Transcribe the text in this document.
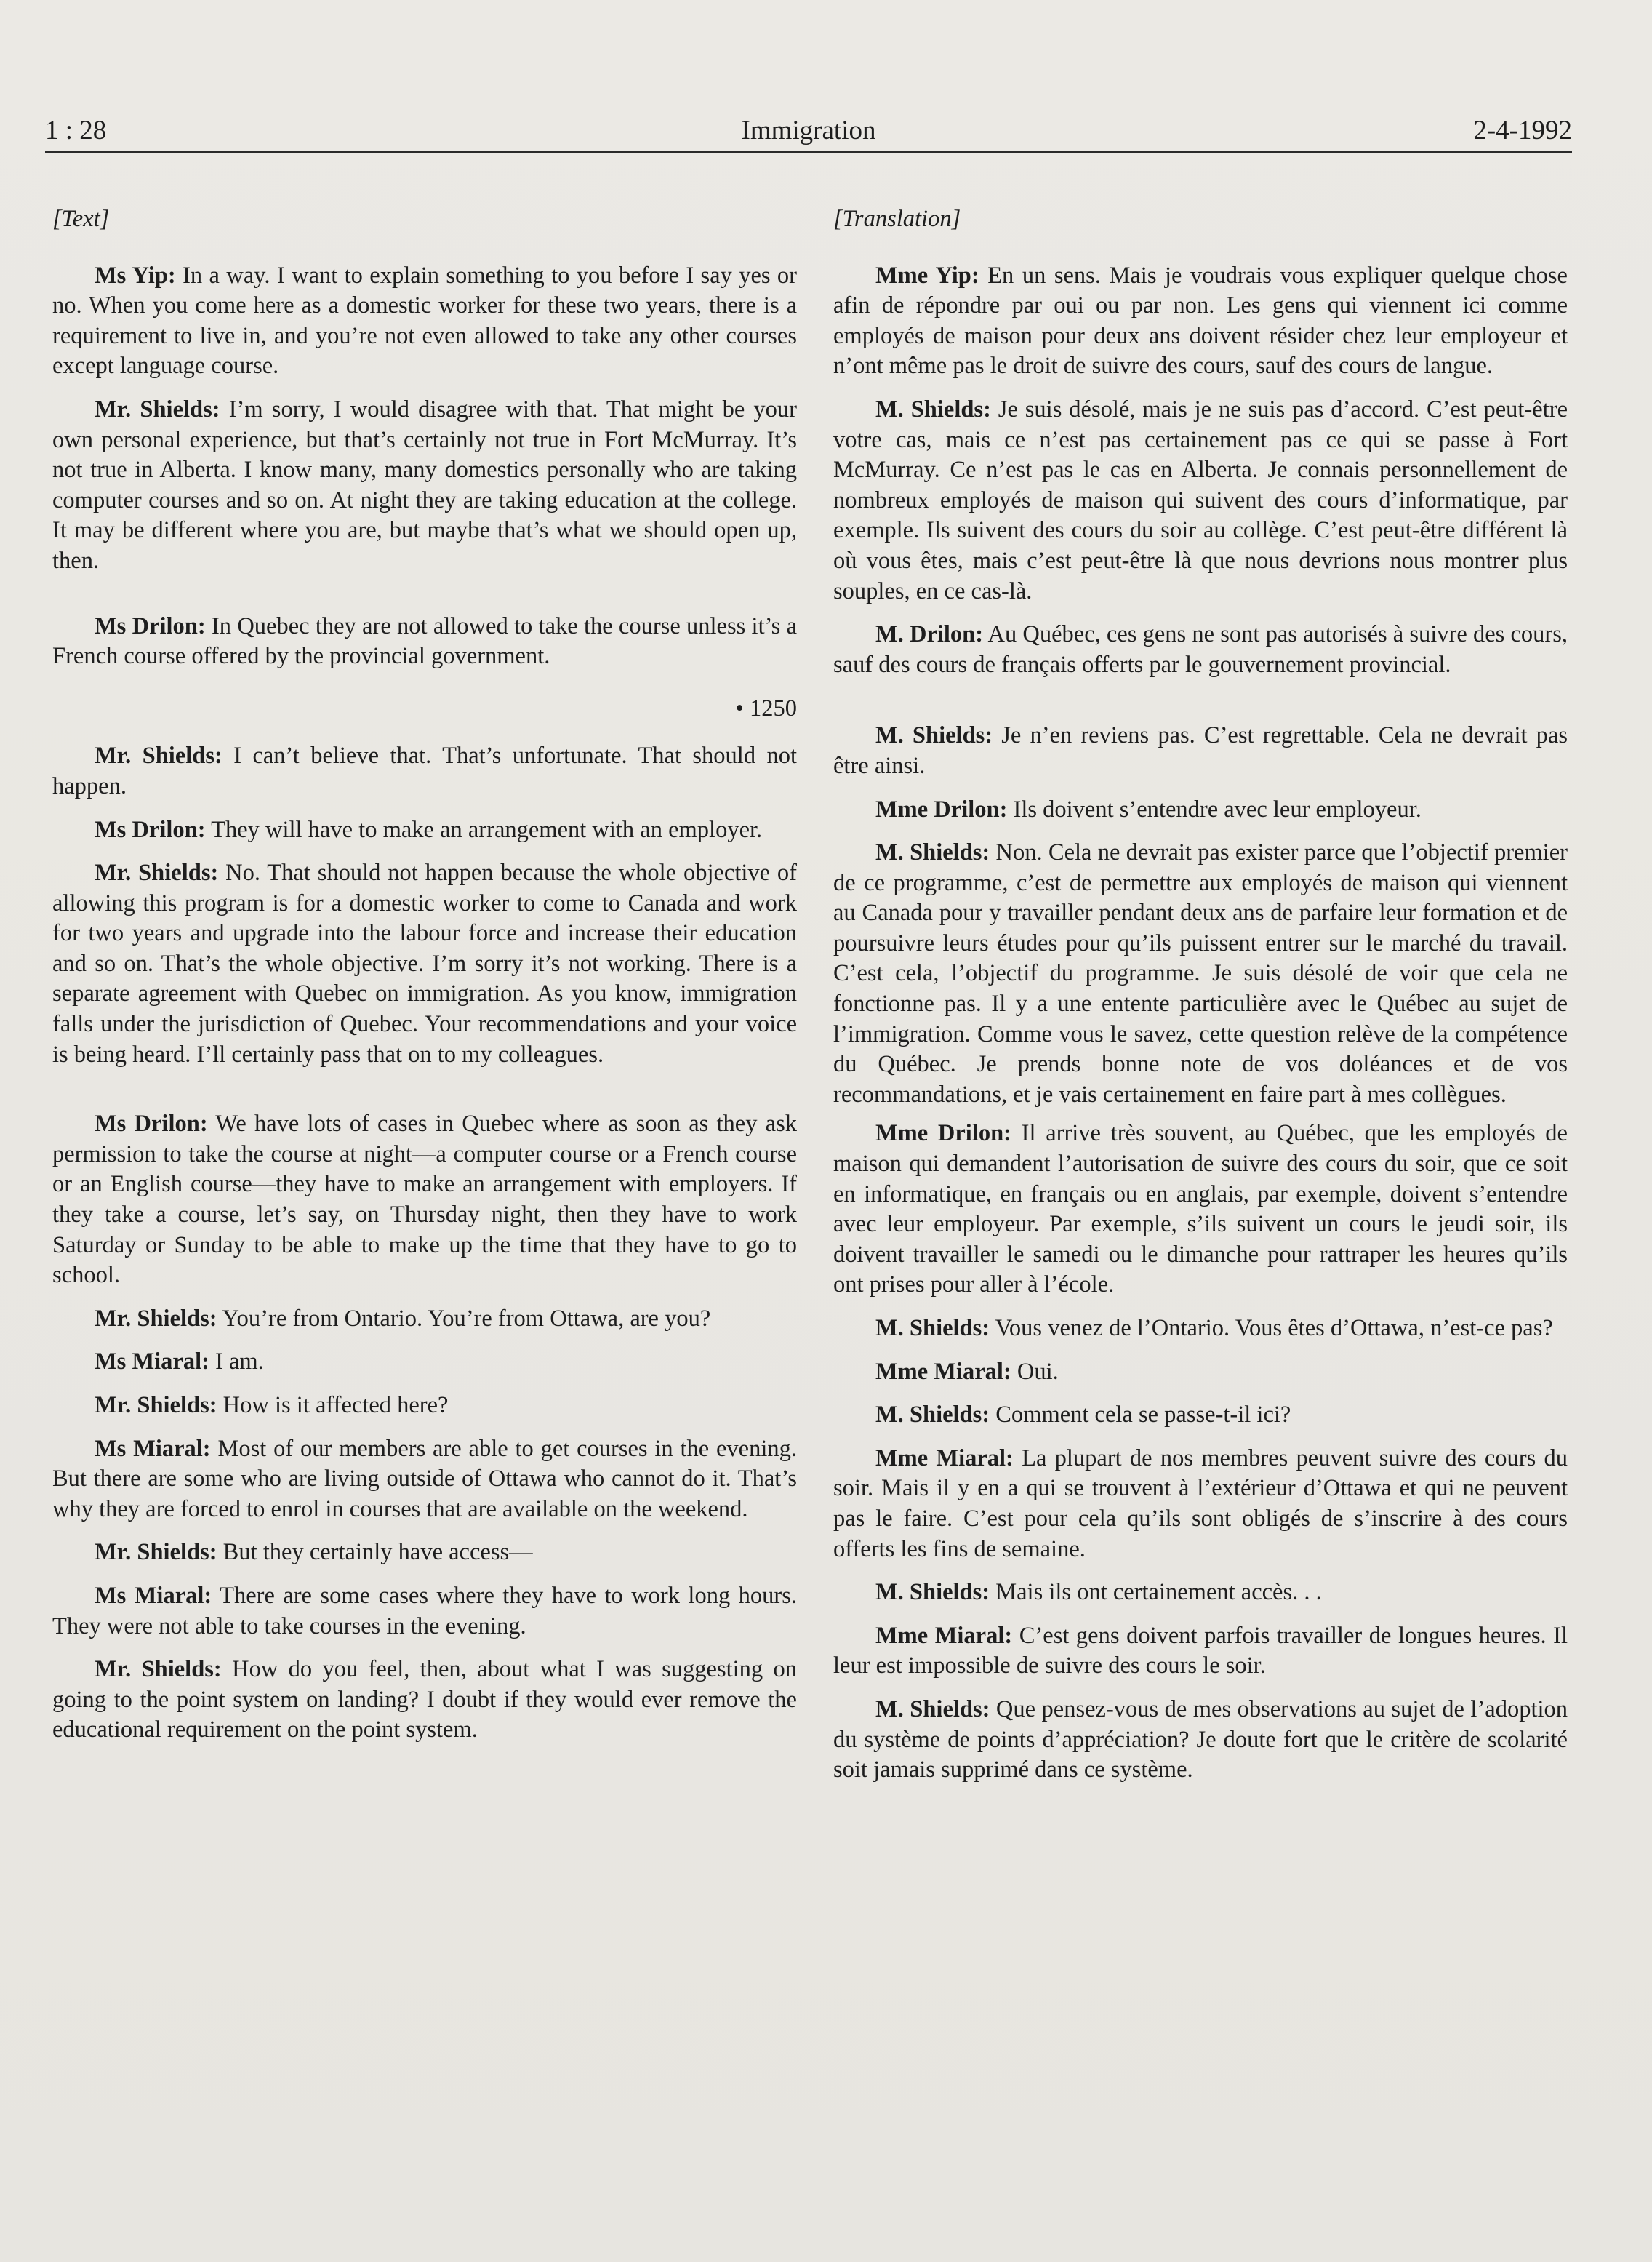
1 : 28	Immigration	2-4-1992
[Text]

Ms Yip: In a way. I want to explain something to you before I say yes or no. When you come here as a domestic worker for these two years, there is a requirement to live in, and you’re not even allowed to take any other courses except language course.

Mr. Shields: I’m sorry, I would disagree with that. That might be your own personal experience, but that’s certainly not true in Fort McMurray. It’s not true in Alberta. I know many, many domestics personally who are taking computer courses and so on. At night they are taking education at the college. It may be different where you are, but maybe that’s what we should open up, then.

Ms Drilon: In Quebec they are not allowed to take the course unless it’s a French course offered by the provincial government.

• 1250

Mr. Shields: I can’t believe that. That’s unfortunate. That should not happen.

Ms Drilon: They will have to make an arrangement with an employer.

Mr. Shields: No. That should not happen because the whole objective of allowing this program is for a domestic worker to come to Canada and work for two years and upgrade into the labour force and increase their education and so on. That’s the whole objective. I’m sorry it’s not working. There is a separate agreement with Quebec on immigration. As you know, immigration falls under the jurisdiction of Quebec. Your recommendations and your voice is being heard. I’ll certainly pass that on to my colleagues.

Ms Drilon: We have lots of cases in Quebec where as soon as they ask permission to take the course at night—a computer course or a French course or an English course—they have to make an arrangement with employers. If they take a course, let’s say, on Thursday night, then they have to work Saturday or Sunday to be able to make up the time that they have to go to school.

Mr. Shields: You’re from Ontario. You’re from Ottawa, are you?

Ms Miaral: I am.

Mr. Shields: How is it affected here?

Ms Miaral: Most of our members are able to get courses in the evening. But there are some who are living outside of Ottawa who cannot do it. That’s why they are forced to enrol in courses that are available on the weekend.

Mr. Shields: But they certainly have access—

Ms Miaral: There are some cases where they have to work long hours. They were not able to take courses in the evening.

Mr. Shields: How do you feel, then, about what I was suggesting on going to the point system on landing? I doubt if they would ever remove the educational requirement on the point system.

[Translation]

Mme Yip: En un sens. Mais je voudrais vous expliquer quelque chose afin de répondre par oui ou par non. Les gens qui viennent ici comme employés de maison pour deux ans doivent résider chez leur employeur et n’ont même pas le droit de suivre des cours, sauf des cours de langue.

M. Shields: Je suis désolé, mais je ne suis pas d’accord. C’est peut-être votre cas, mais ce n’est pas certainement pas ce qui se passe à Fort McMurray. Ce n’est pas le cas en Alberta. Je connais personnellement de nombreux employés de maison qui suivent des cours d’informatique, par exemple. Ils suivent des cours du soir au collège. C’est peut-être différent là où vous êtes, mais c’est peut-être là que nous devrions nous montrer plus souples, en ce cas-là.

M. Drilon: Au Québec, ces gens ne sont pas autorisés à suivre des cours, sauf des cours de français offerts par le gouvernement provincial.

M. Shields: Je n’en reviens pas. C’est regrettable. Cela ne devrait pas être ainsi.

Mme Drilon: Ils doivent s’entendre avec leur employeur.

M. Shields: Non. Cela ne devrait pas exister parce que l’objectif premier de ce programme, c’est de permettre aux employés de maison qui viennent au Canada pour y travailler pendant deux ans de parfaire leur formation et de poursuivre leurs études pour qu’ils puissent entrer sur le marché du travail. C’est cela, l’objectif du programme. Je suis désolé de voir que cela ne fonctionne pas. Il y a une entente particulière avec le Québec au sujet de l’immigration. Comme vous le savez, cette question relève de la compétence du Québec. Je prends bonne note de vos doléances et de vos recommandations, et je vais certainement en faire part à mes collègues.

Mme Drilon: Il arrive très souvent, au Québec, que les employés de maison qui demandent l’autorisation de suivre des cours du soir, que ce soit en informatique, en français ou en anglais, par exemple, doivent s’entendre avec leur employeur. Par exemple, s’ils suivent un cours le jeudi soir, ils doivent travailler le samedi ou le dimanche pour rattraper les heures qu’ils ont prises pour aller à l’école.

M. Shields: Vous venez de l’Ontario. Vous êtes d’Ottawa, n’est-ce pas?

Mme Miaral: Oui.

M. Shields: Comment cela se passe-t-il ici?

Mme Miaral: La plupart de nos membres peuvent suivre des cours du soir. Mais il y en a qui se trouvent à l’extérieur d’Ottawa et qui ne peuvent pas le faire. C’est pour cela qu’ils sont obligés de s’inscrire à des cours offerts les fins de semaine.

M. Shields: Mais ils ont certainement accès. . .

Mme Miaral: C’est gens doivent parfois travailler de longues heures. Il leur est impossible de suivre des cours le soir.

M. Shields: Que pensez-vous de mes observations au sujet de l’adoption du système de points d’appréciation? Je doute fort que le critère de scolarité soit jamais supprimé dans ce système.
